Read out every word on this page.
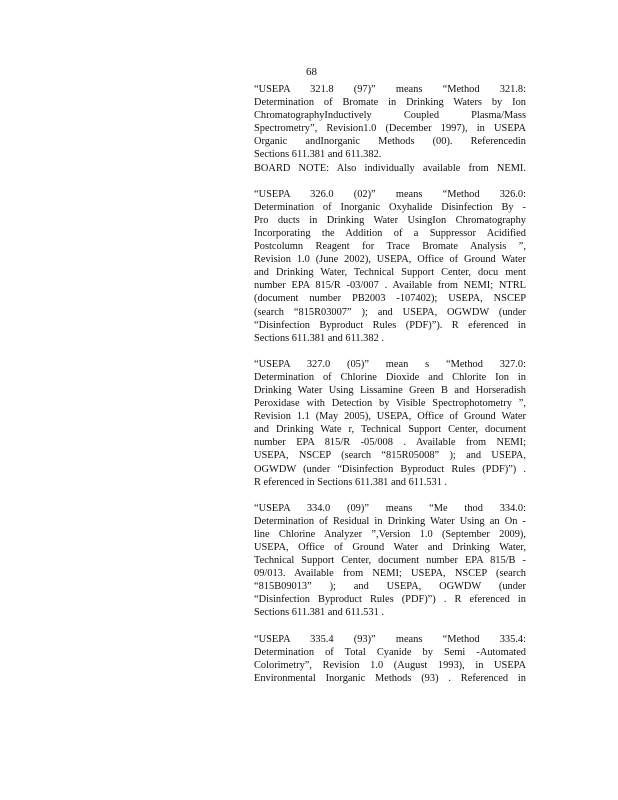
68
“USEPA 321.8 (97)” means “Method 321.8:
Determination of Bromate in Drinking Waters by Ion
ChromatographyInductively Coupled Plasma/Mass
Spectrometry”, Revision1.0 (December 1997), in USEPA
Organic andInorganic Methods (00). Referencedin
Sections 611.381 and 611.382.
BOARD NOTE: Also individually available from NEMI.
“USEPA 326.0 (02)” means “Method 326.0:
Determination of Inorganic Oxyhalide Disinfection By -
Pro ducts in Drinking Water UsingIon Chromatography
Incorporating the Addition of a Suppressor Acidified
Postcolumn Reagent for Trace Bromate Analysis ”,
Revision 1.0 (June 2002), USEPA, Office of Ground Water
and Drinking Water, Technical Support Center, docu ment
number EPA 815/R -03/007 . Available from NEMI; NTRL
(document number PB2003 -107402); USEPA, NSCEP
(search “815R03007” ); and USEPA, OGWDW (under
“Disinfection Byproduct Rules (PDF)”). R eferenced in
Sections 611.381 and 611.382 .
“USEPA 327.0 (05)” mean s “Method 327.0:
Determination of Chlorine Dioxide and Chlorite Ion in
Drinking Water Using Lissamine Green B and Horseradish
Peroxidase with Detection by Visible Spectrophotometry ”,
Revision 1.1 (May 2005), USEPA, Office of Ground Water
and Drinking Wate r, Technical Support Center, document
number EPA 815/R -05/008 . Available from NEMI;
USEPA, NSCEP (search “815R05008” ); and USEPA,
OGWDW (under “Disinfection Byproduct Rules (PDF)”) .
R eferenced in Sections 611.381 and 611.531 .
“USEPA 334.0 (09)” means “Me thod 334.0:
Determination of Residual in Drinking Water Using an On -
line Chlorine Analyzer ”,Version 1.0 (September 2009),
USEPA, Office of Ground Water and Drinking Water,
Technical Support Center, document number EPA 815/B -
09/013. Available from NEMI; USEPA, NSCEP (search
“815B09013” ); and USEPA, OGWDW (under
“Disinfection Byproduct Rules (PDF)”) . R eferenced in
Sections 611.381 and 611.531 .
“USEPA 335.4 (93)” means “Method 335.4:
Determination of Total Cyanide by Semi -Automated
Colorimetry”, Revision 1.0 (August 1993), in USEPA
Environmental Inorganic Methods (93) . Referenced in
